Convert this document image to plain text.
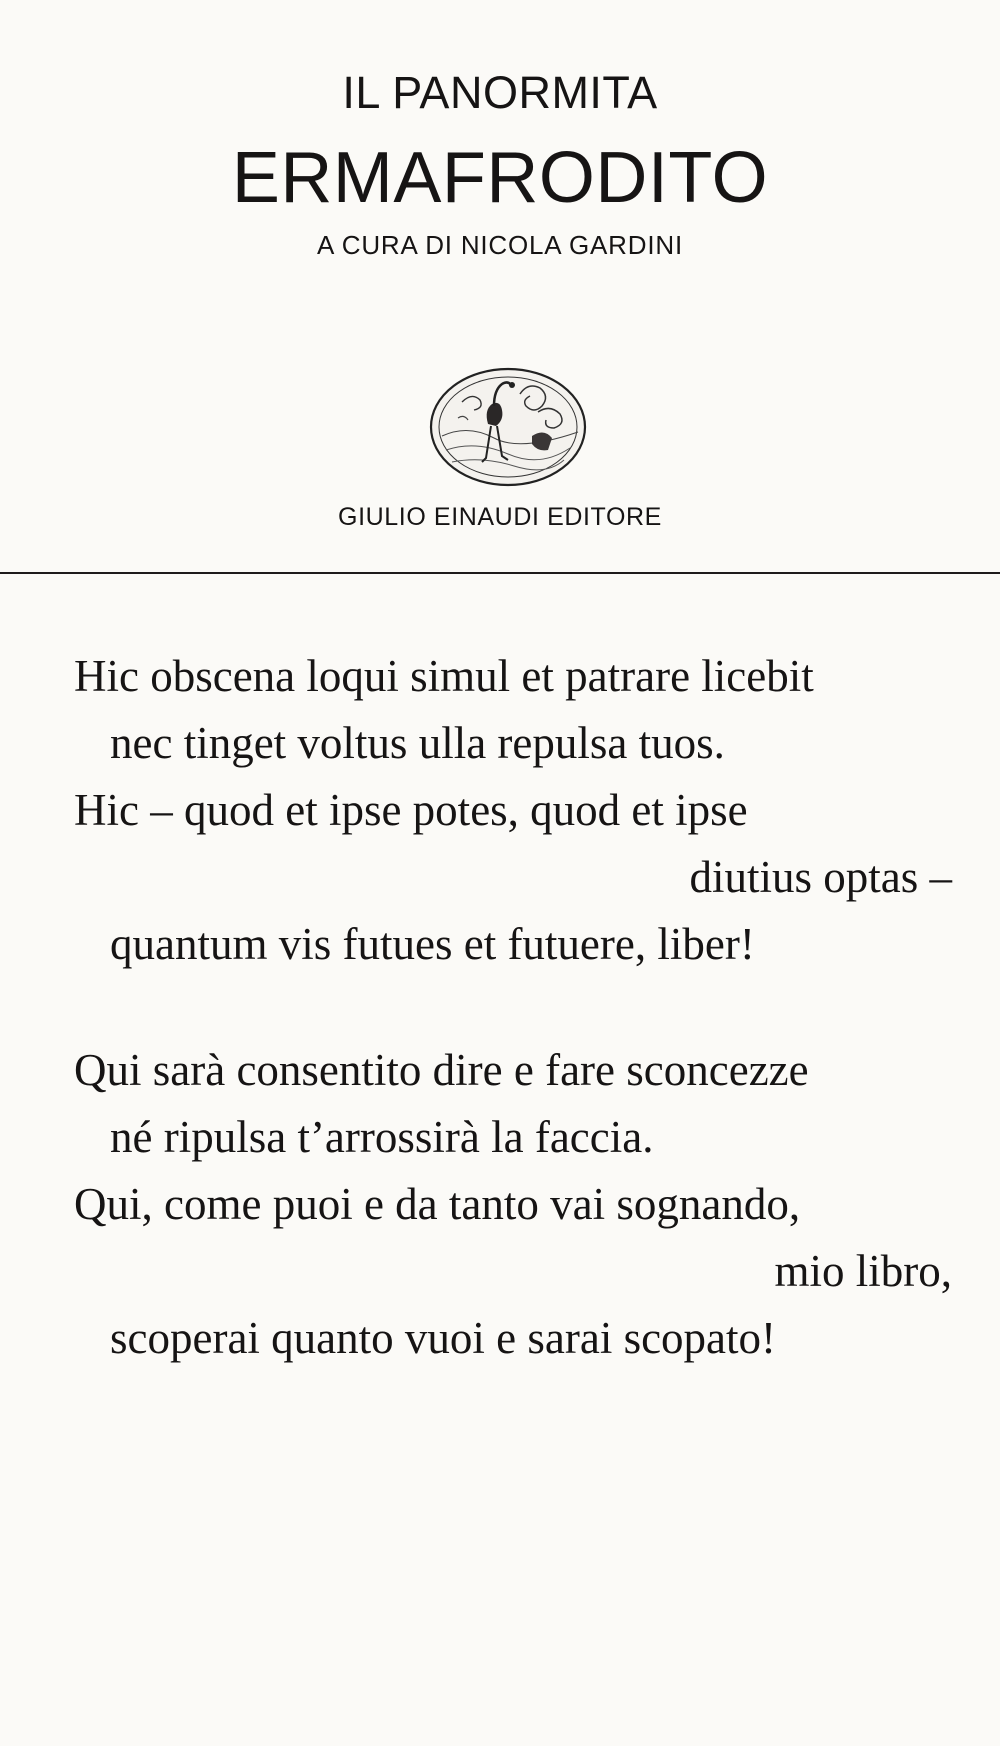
IL PANORMITA
ERMAFRODITO
A CURA DI NICOLA GARDINI
GIULIO EINAUDI EDITORE
Hic obscena loqui simul et patrare licebit
nec tinget voltus ulla repulsa tuos.
Hic – quod et ipse potes, quod et ipse
diutius optas –
quantum vis futues et futuere, liber!
Qui sarà consentito dire e fare sconcezze
né ripulsa t’arrossirà la faccia.
Qui, come puoi e da tanto vai sognando,
mio libro,
scoperai quanto vuoi e sarai scopato!
